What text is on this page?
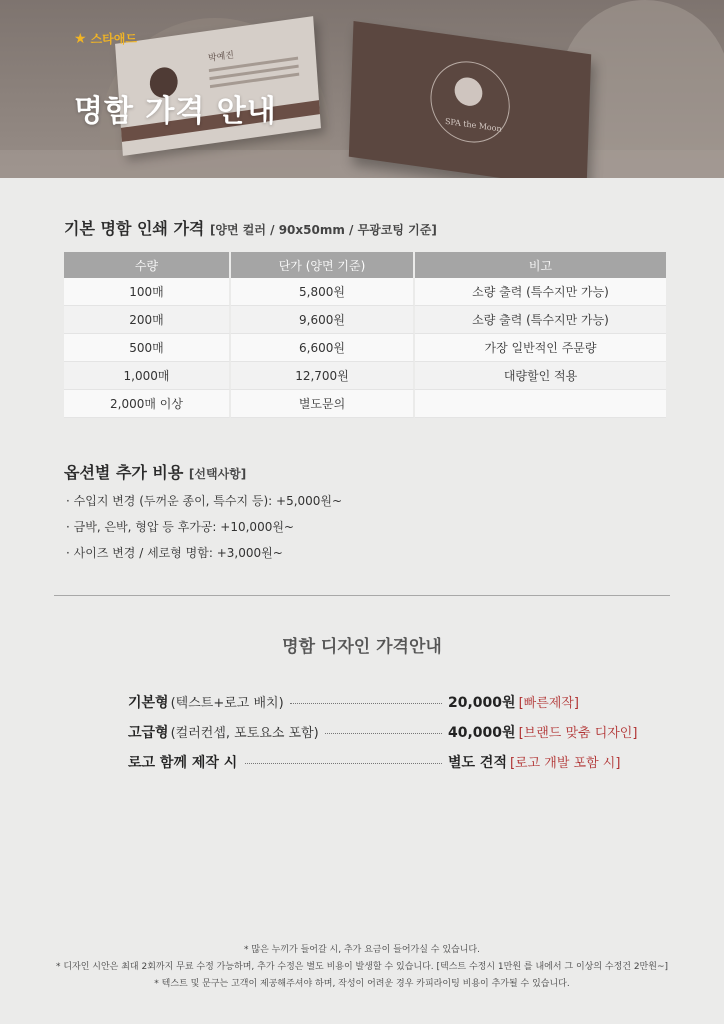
박예진
SPA the Moon
★ 스타애드
명함 가격 안내
기본 명함 인쇄 가격 [양면 컬러 / 90x50mm / 무광코팅 기준]
수량	단가 (양면 기준)	비고
100매	5,800원	소량 출력 (특수지만 가능)
200매	9,600원	소량 출력 (특수지만 가능)
500매	6,600원	가장 일반적인 주문량
1,000매	12,700원	대량할인 적용
2,000매 이상	별도문의	
옵션별 추가 비용 [선택사항]
· 수입지 변경 (두꺼운 종이, 특수지 등): +5,000원~
· 금박, 은박, 형압 등 후가공: +10,000원~
· 사이즈 변경 / 세로형 명함: +3,000원~
명함 디자인 가격안내
기본형 (텍스트+로고 배치)	20,000원 [빠른제작]
고급형 (컬러컨셉, 포토요소 포함)	40,000원 [브랜드 맞춤 디자인]
로고 함께 제작 시	별도 견적 [로고 개발 포함 시]

* 많은 누끼가 들어갈 시, 추가 요금이 들어가실 수 있습니다.

* 디자인 시안은 최대 2회까지 무료 수정 가능하며, 추가 수정은 별도 비용이 발생할 수 있습니다. [텍스트 수정시 1만원 를 내에서 그 이상의 수정건 2만원~]

* 텍스트 및 문구는 고객이 제공해주셔야 하며, 작성이 어려운 경우 카피라이팅 비용이 추가될 수 있습니다.
